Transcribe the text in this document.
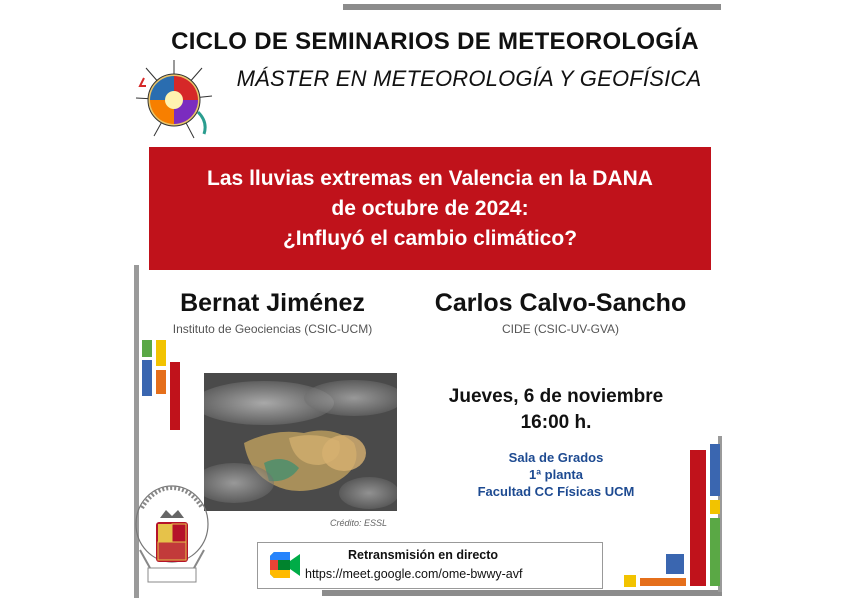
CICLO DE SEMINARIOS DE METEOROLOGÍA
MÁSTER EN METEOROLOGÍA Y GEOFÍSICA
Las lluvias extremas en Valencia en la DANA
de octubre de 2024:
¿Influyó el cambio climático?
Bernat Jiménez
Instituto de Geociencias (CSIC-UCM)
Carlos Calvo-Sancho
CIDE (CSIC-UV-GVA)
Crédito: ESSL
Jueves, 6 de noviembre
16:00 h.
Sala de Grados
1ª planta
Facultad CC Físicas UCM
Retransmisión en directo
https://meet.google.com/ome-bwwy-avf
